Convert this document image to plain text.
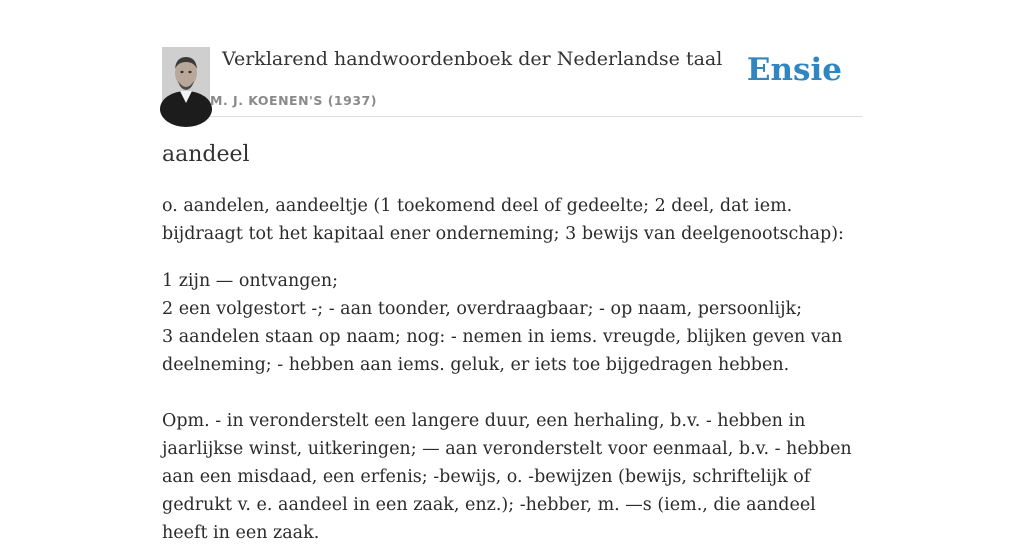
Verklarend handwoordenboek der Nederlandse taal
M. J. KOENEN'S (1937)
Ensie
aandeel
o. aandelen, aandeeltje (1 toekomend deel of gedeelte; 2 deel, dat iem. bijdraagt tot het kapitaal ener onderneming; 3 bewijs van deelgenootschap):
1 zijn — ontvangen;
2 een volgestort -; - aan toonder, overdraagbaar; - op naam, persoonlijk;
3 aandelen staan op naam; nog: - nemen in iems. vreugde, blijken geven van deelneming; - hebben aan iems. geluk, er iets toe bijgedragen hebben.
Opm. - in veronderstelt een langere duur, een herhaling, b.v. - hebben in jaarlijkse winst, uitkeringen; — aan veronderstelt voor eenmaal, b.v. - hebben aan een misdaad, een erfenis; -bewijs, o. -bewijzen (bewijs, schriftelijk of gedrukt v. e. aandeel in een zaak, enz.); -hebber, m. —s (iem., die aandeel heeft in een zaak.
